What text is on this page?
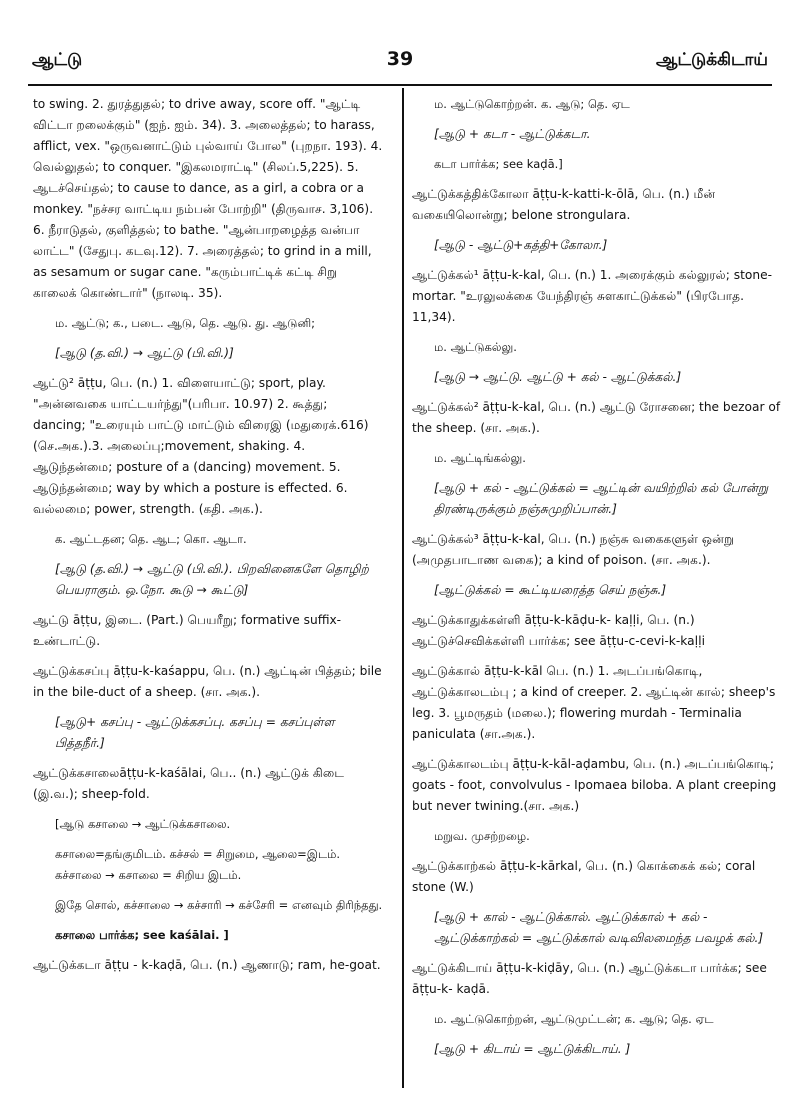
ஆட்டு	39	ஆட்டுக்கிடாய்

to swing. 2. துரத்துதல்; to drive away, score off. "ஆட்டி விட்டா றலைக்கும்" (ஐந். ஐம். 34). 3. அலைத்தல்; to harass, afflict, vex. "ஒருவனாட்டும் புல்வாய் போல" (புறநா. 193). 4. வெல்லுதல்; to conquer. "இகலமராட்டி" (சிலப்.5,225). 5. ஆடச்செய்தல்; to cause to dance, as a girl, a cobra or a monkey. "நச்சர வாட்டிய நம்பன் போற்றி" (திருவாச. 3,106). 6. நீராடுதல், குளித்தல்; to bathe. "ஆன்பாறழைத்த வன்பா லாட்ட" (சேதுபு. கடவு.12). 7. அரைத்தல்; to grind in a mill, as sesamum or sugar cane. "கரும்பாட்டிக் கட்டி சிறு காலைக் கொண்டார்" (நாலடி. 35).

ம. ஆட்டு; க., படை. ஆடு, தெ. ஆடு. து. ஆடுனி;

[ஆடு (த.வி.) → ஆட்டு (பி.வி.)]

ஆட்டு² āṭṭu, பெ. (n.) 1. விளையாட்டு; sport, play. "அன்னவகை யாட்டயர்ந்து"(பரிபா. 10.97) 2. கூத்து; dancing; "உரையும் பாட்டு மாட்டும் விரைஇ (மதுரைக்.616) (செ.அக.).3. அலைப்பு;movement, shaking. 4. ஆடுந்தன்மை; posture of a (dancing) movement. 5. ஆடுந்தன்மை; way by which a posture is effected. 6. வல்லமை; power, strength. (கதி. அக.).

க. ஆட்டதன; தெ. ஆட; கொ. ஆடா.

[ஆடு (த.வி.) → ஆட்டு (பி.வி.). பிறவினைகளே தொழிற் பெயராகும். ஒ.நோ. கூடு → கூட்டு]

ஆட்டு āṭṭu, இடை. (Part.) பெயரீறு; formative suffix- உண்டாட்டு.

ஆட்டுக்கசப்பு āṭṭu-k-kaśappu, பெ. (n.) ஆட்டின் பித்தம்; bile in the bile-duct of a sheep. (சா. அக.).

[ஆடு+ கசப்பு - ஆட்டுக்கசப்பு. கசப்பு = கசப்புள்ள பித்தநீர்.]

ஆட்டுக்கசாலைāṭṭu-k-kaśālai, பெ.. (n.) ஆட்டுக் கிடை (இ.வ.); sheep-fold.

[ஆடு கசாலை → ஆட்டுக்கசாலை.

கசாலை=தங்குமிடம். கச்சல் = சிறுமை, ஆலை=இடம். கச்சாலை → கசாலை = சிறிய இடம்.

இதே சொல், கச்சாலை → கச்சாரி → கச்சேரி = எனவும் திரிந்தது.

கசாலை பார்க்க; see kaśālai. ]

ஆட்டுக்கடா āṭṭu - k-kaḍā, பெ. (n.) ஆணாடு; ram, he-goat.

ம. ஆட்டுகொற்றன். க. ஆடு; தெ. ஏட

[ஆடு + கடா - ஆட்டுக்கடா.

கடா பார்க்க; see kaḍā.]

ஆட்டுக்கத்திக்கோலா āṭṭu-k-katti-k-ōlā, பெ. (n.) மீன் வகையிலொன்று; belone strongulara.

[ஆடு - ஆட்டு+கத்தி+கோலா.]

ஆட்டுக்கல்¹ āṭṭu-k-kal, பெ. (n.) 1. அரைக்கும் கல்லுரல்; stone-mortar. "உரலுலக்கை யேந்திரஞ் சுளகாட்டுக்கல்" (பிரபோத. 11,34).

ம. ஆட்டுகல்லு.

[ஆடு → ஆட்டு. ஆட்டு + கல் - ஆட்டுக்கல்.]

ஆட்டுக்கல்² āṭṭu-k-kal, பெ. (n.) ஆட்டு ரோசனை; the bezoar of the sheep. (சா. அக.).

ம. ஆட்டிங்கல்லு.

[ஆடு + கல் - ஆட்டுக்கல் = ஆட்டின் வயிற்றில் கல் போன்று திரண்டிருக்கும் நஞ்சுமுறிப்பான்.]

ஆட்டுக்கல்³ āṭṭu-k-kal, பெ. (n.) நஞ்சு வகைகளுள் ஒன்று (அமுதபாடாண வகை); a kind of poison. (சா. அக.).

[ஆட்டுக்கல் = கூட்டியரைத்த செய் நஞ்சு.]

ஆட்டுக்காதுக்கள்ளி āṭṭu-k-kāḍu-k- kaḷḷi, பெ. (n.) ஆட்டுச்செவிக்கள்ளி பார்க்க; see āṭṭu-c-cevi-k-kaḷḷi

ஆட்டுக்கால் āṭṭu-k-kāl பெ. (n.) 1. அடப்பங்கொடி, ஆட்டுக்காலடம்பு ; a kind of creeper. 2. ஆட்டின் கால்; sheep's leg. 3. பூமருதம் (மலை.); flowering murdah - Terminalia paniculata (சா.அக.).

ஆட்டுக்காலடம்பு āṭṭu-k-kāl-aḍambu, பெ. (n.) அடப்பங்கொடி; goats - foot, convolvulus - Ipomaea biloba. A plant creeping but never twining.(சா. அக.)

மறுவ. முசற்றழை.

ஆட்டுக்காற்கல் āṭṭu-k-kārkal, பெ. (n.) கொக்கைக் கல்; coral stone (W.)

[ஆடு + கால் - ஆட்டுக்கால். ஆட்டுக்கால் + கல் - ஆட்டுக்காற்கல் = ஆட்டுக்கால் வடிவிலமைந்த பவழக் கல்.]

ஆட்டுக்கிடாய் āṭṭu-k-kiḍāy, பெ. (n.) ஆட்டுக்கடா பார்க்க; see āṭṭu-k- kaḍā.

ம. ஆட்டுகொற்றன், ஆட்டுமுட்டன்; க. ஆடு; தெ. ஏட

[ஆடு + கிடாய் = ஆட்டுக்கிடாய். ]
